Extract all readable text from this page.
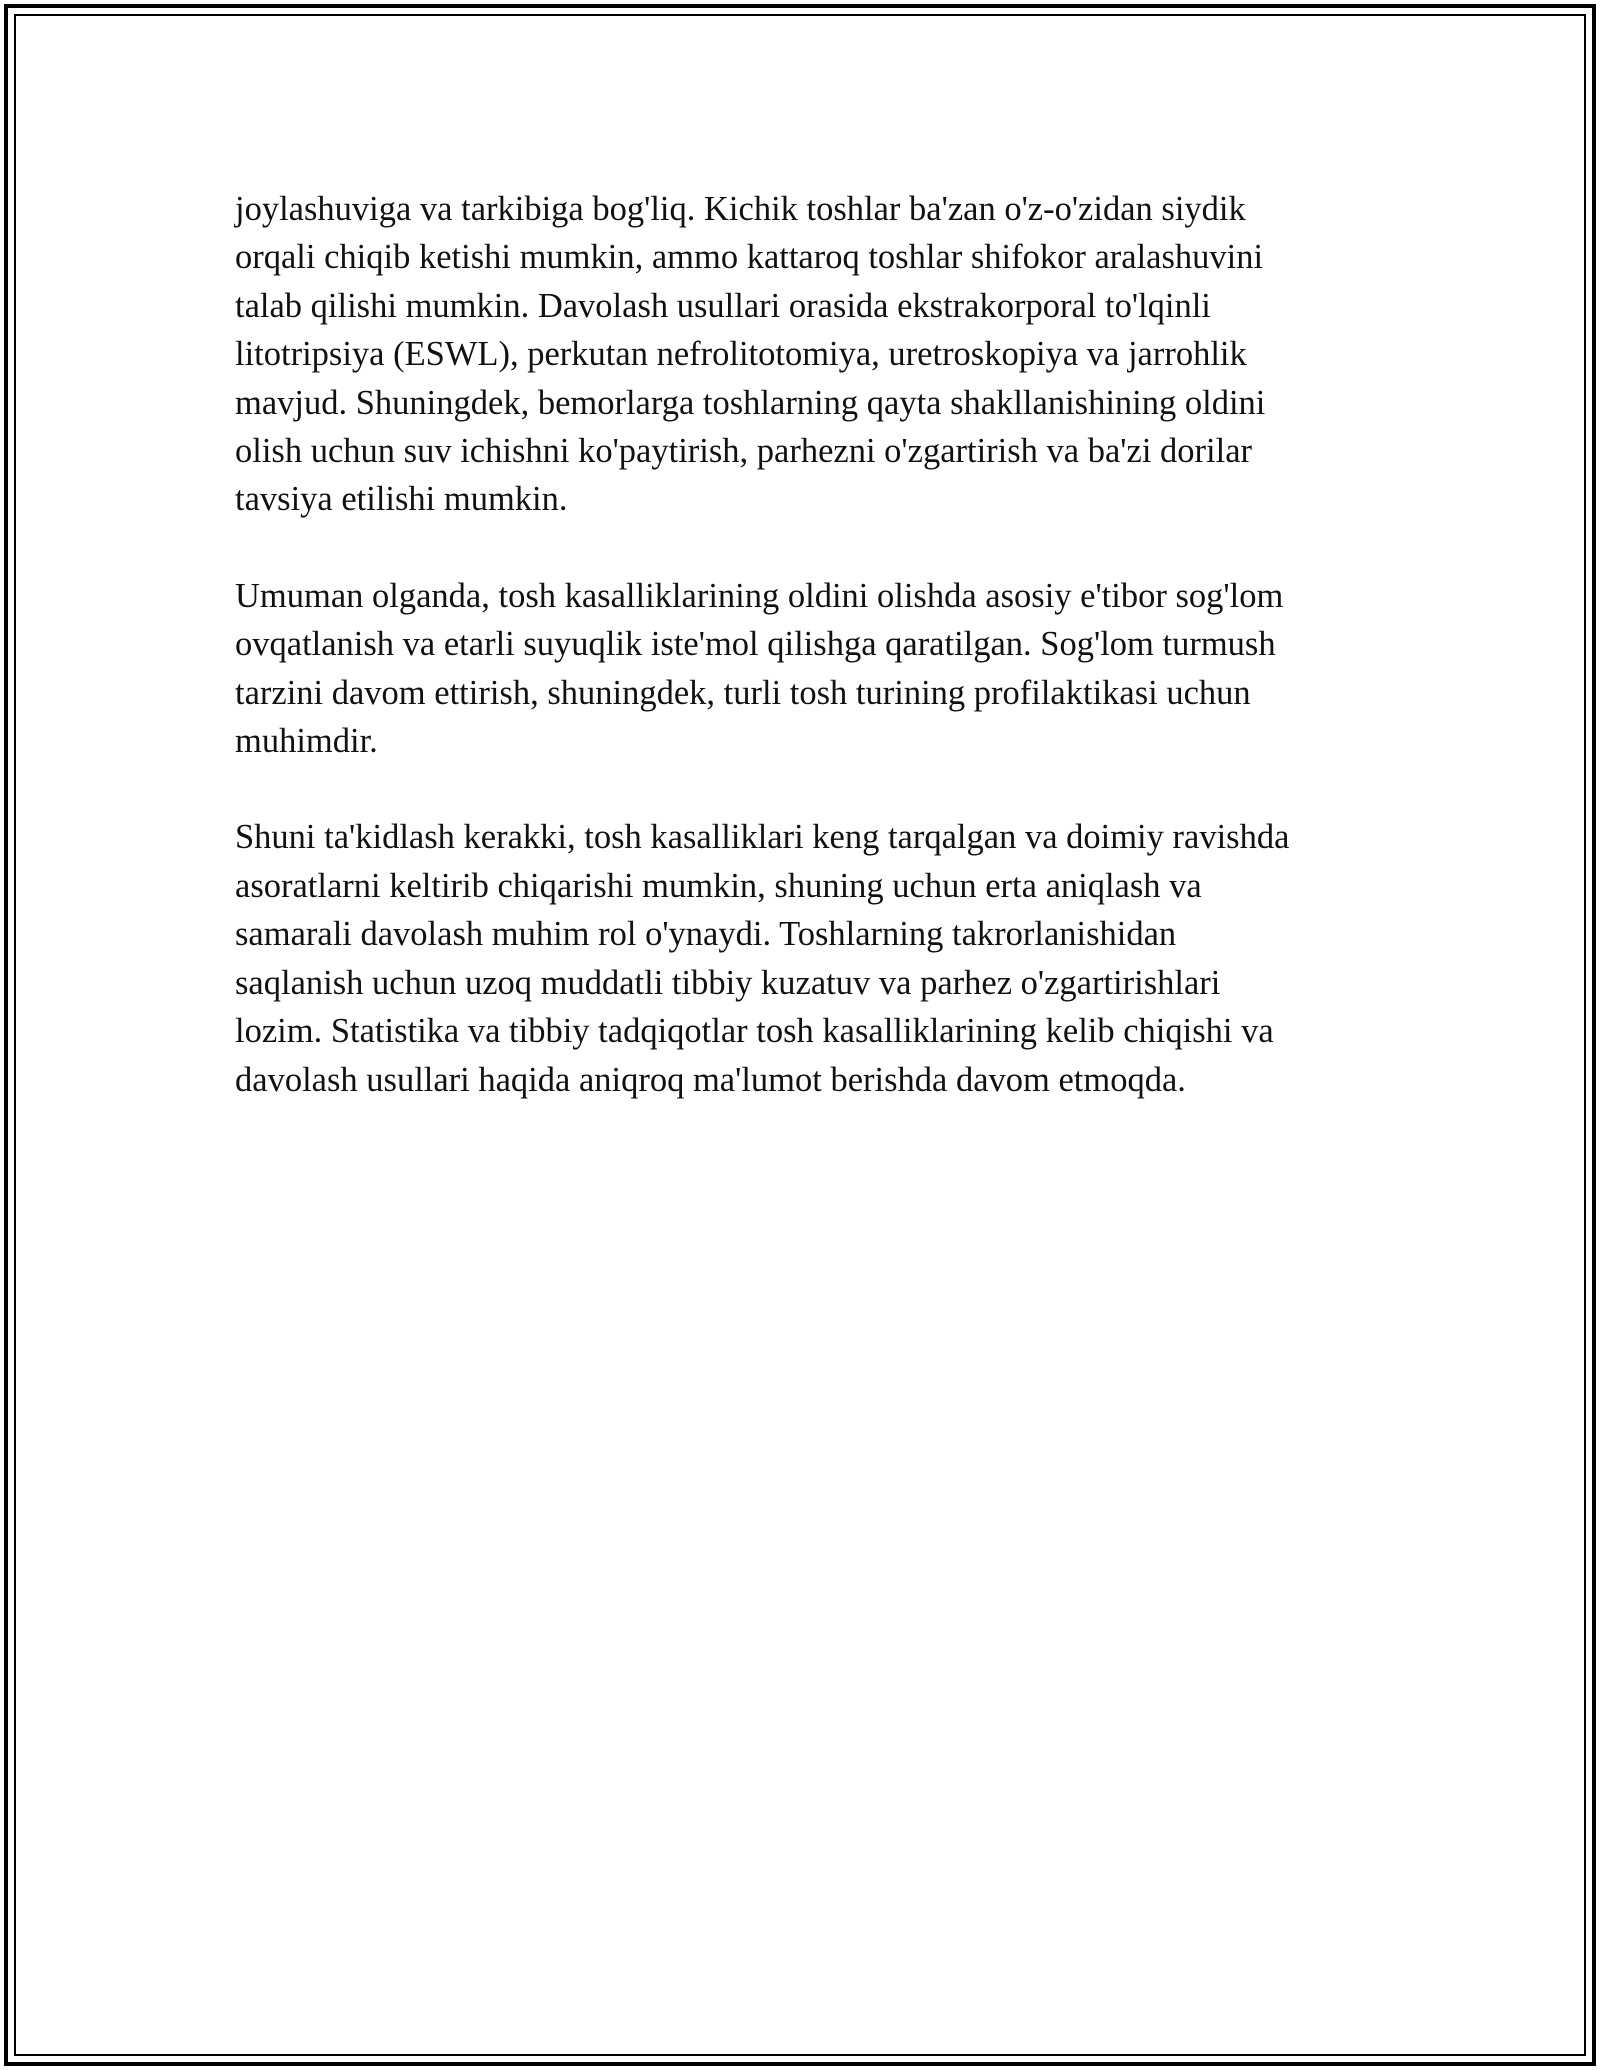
joylashuviga va tarkibiga bog'liq. Kichik toshlar ba'zan o'z-o'zidan siydik
orqali chiqib ketishi mumkin, ammo kattaroq toshlar shifokor aralashuvini
talab qilishi mumkin. Davolash usullari orasida ekstrakorporal to'lqinli
litotripsiya (ESWL), perkutan nefrolitotomiya, uretroskopiya va jarrohlik
mavjud. Shuningdek, bemorlarga toshlarning qayta shakllanishining oldini
olish uchun suv ichishni ko'paytirish, parhezni o'zgartirish va ba'zi dorilar
tavsiya etilishi mumkin.

Umuman olganda, tosh kasalliklarining oldini olishda asosiy e'tibor sog'lom
ovqatlanish va etarli suyuqlik iste'mol qilishga qaratilgan. Sog'lom turmush
tarzini davom ettirish, shuningdek, turli tosh turining profilaktikasi uchun
muhimdir.

Shuni ta'kidlash kerakki, tosh kasalliklari keng tarqalgan va doimiy ravishda
asoratlarni keltirib chiqarishi mumkin, shuning uchun erta aniqlash va
samarali davolash muhim rol o'ynaydi. Toshlarning takrorlanishidan
saqlanish uchun uzoq muddatli tibbiy kuzatuv va parhez o'zgartirishlari
lozim. Statistika va tibbiy tadqiqotlar tosh kasalliklarining kelib chiqishi va
davolash usullari haqida aniqroq ma'lumot berishda davom etmoqda.
